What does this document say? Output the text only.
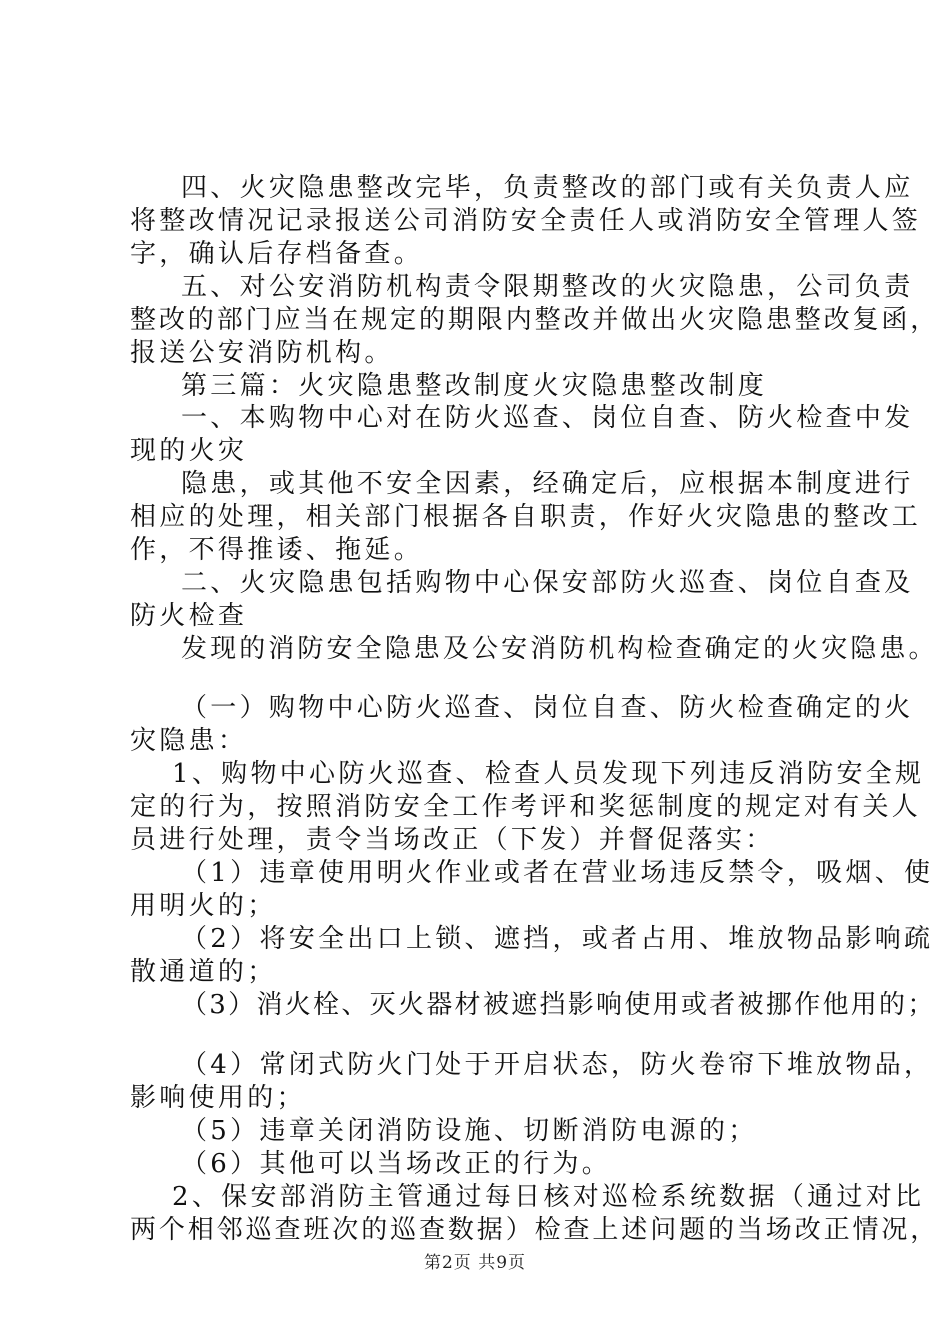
四、火灾隐患整改完毕，负责整改的部门或有关负责人应
将整改情况记录报送公司消防安全责任人或消防安全管理人签
字，确认后存档备查。
五、对公安消防机构责令限期整改的火灾隐患，公司负责
整改的部门应当在规定的期限内整改并做出火灾隐患整改复函，
报送公安消防机构。
第三篇：火灾隐患整改制度火灾隐患整改制度
一、本购物中心对在防火巡查、岗位自查、防火检查中发
现的火灾
隐患，或其他不安全因素，经确定后，应根据本制度进行
相应的处理，相关部门根据各自职责，作好火灾隐患的整改工
作，不得推诿、拖延。
二、火灾隐患包括购物中心保安部防火巡查、岗位自查及
防火检查
发现的消防安全隐患及公安消防机构检查确定的火灾隐患。
（一）购物中心防火巡查、岗位自查、防火检查确定的火
灾隐患：
1、购物中心防火巡查、检查人员发现下列违反消防安全规
定的行为，按照消防安全工作考评和奖惩制度的规定对有关人
员进行处理，责令当场改正（下发）并督促落实：
（1）违章使用明火作业或者在营业场违反禁令，吸烟、使
用明火的；
（2）将安全出口上锁、遮挡，或者占用、堆放物品影响疏
散通道的；
（3）消火栓、灭火器材被遮挡影响使用或者被挪作他用的；
（4）常闭式防火门处于开启状态，防火卷帘下堆放物品，
影响使用的；
（5）违章关闭消防设施、切断消防电源的；
（6）其他可以当场改正的行为。
2、保安部消防主管通过每日核对巡检系统数据（通过对比
两个相邻巡查班次的巡查数据）检查上述问题的当场改正情况，
第2页 共9页
